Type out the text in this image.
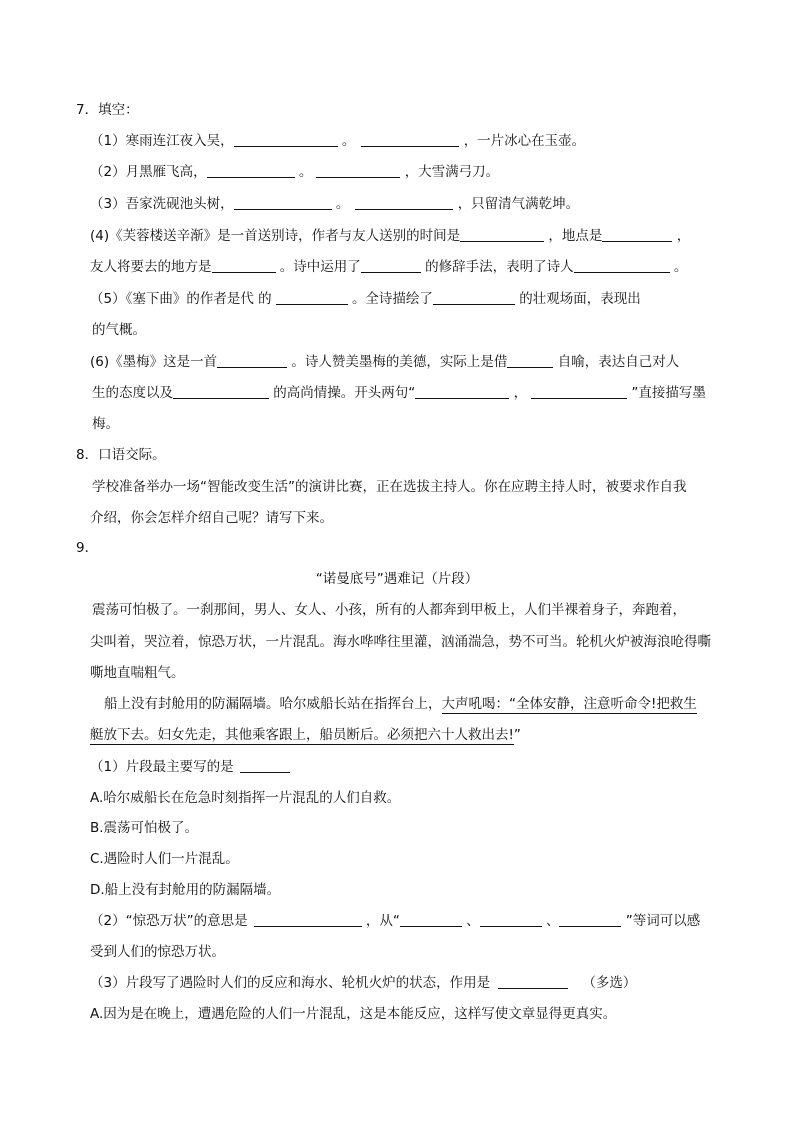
7．填空：
（1）寒雨连江夜入吴，	。	，一片冰心在玉壶。
（2）月黑雁飞高，	。	，大雪满弓刀。
（3）吾家洗砚池头树，	。	，只留清气满乾坤。
(4)《芙蓉楼送辛渐》是一首送别诗，作者与友人送别的时间是	，地点是	，
友人将要去的地方是	。诗中运用了	的修辞手法，表明了诗人	。
（5）《塞下曲》的作者是代 的	。全诗描绘了	的壮观场面，表现出
的气概。
(6)《墨梅》这是一首	。诗人赞美墨梅的美德，实际上是借	自喻，表达自己对人
生的态度以及	的高尚情操。开头两句“	，	”直接描写墨
梅。
8．口语交际。
学校准备举办一场“智能改变生活”的演讲比赛，正在选拔主持人。你在应聘主持人时，被要求作自我
介绍，你会怎样介绍自己呢？请写下来。
9．
“诺曼底号”遇难记（片段）
震荡可怕极了。一刹那间，男人、女人、小孩，所有的人都奔到甲板上，人们半裸着身子，奔跑着，
尖叫着，哭泣着，惊恐万状，一片混乱。海水哗哗往里灌，汹涌湍急，势不可当。轮机火炉被海浪呛得嘶
嘶地直喘粗气。
船上没有封舱用的防漏隔墙。哈尔威船长站在指挥台上，大声吼喝：“全体安静，注意听命令!把救生
艇放下去。妇女先走，其他乘客跟上，船员断后。必须把六十人救出去!”
（1）片段最主要写的是
A.哈尔威船长在危急时刻指挥一片混乱的人们自救。
B.震荡可怕极了。
C.遇险时人们一片混乱。
D.船上没有封舱用的防漏隔墙。
（2）“惊恐万状”的意思是	，从“	、	、	”等词可以感
受到人们的惊恐万状。
（3）片段写了遇险时人们的反应和海水、轮机火炉的状态，作用是	（多选）
A.因为是在晚上，遭遇危险的人们一片混乱，这是本能反应，这样写使文章显得更真实。
